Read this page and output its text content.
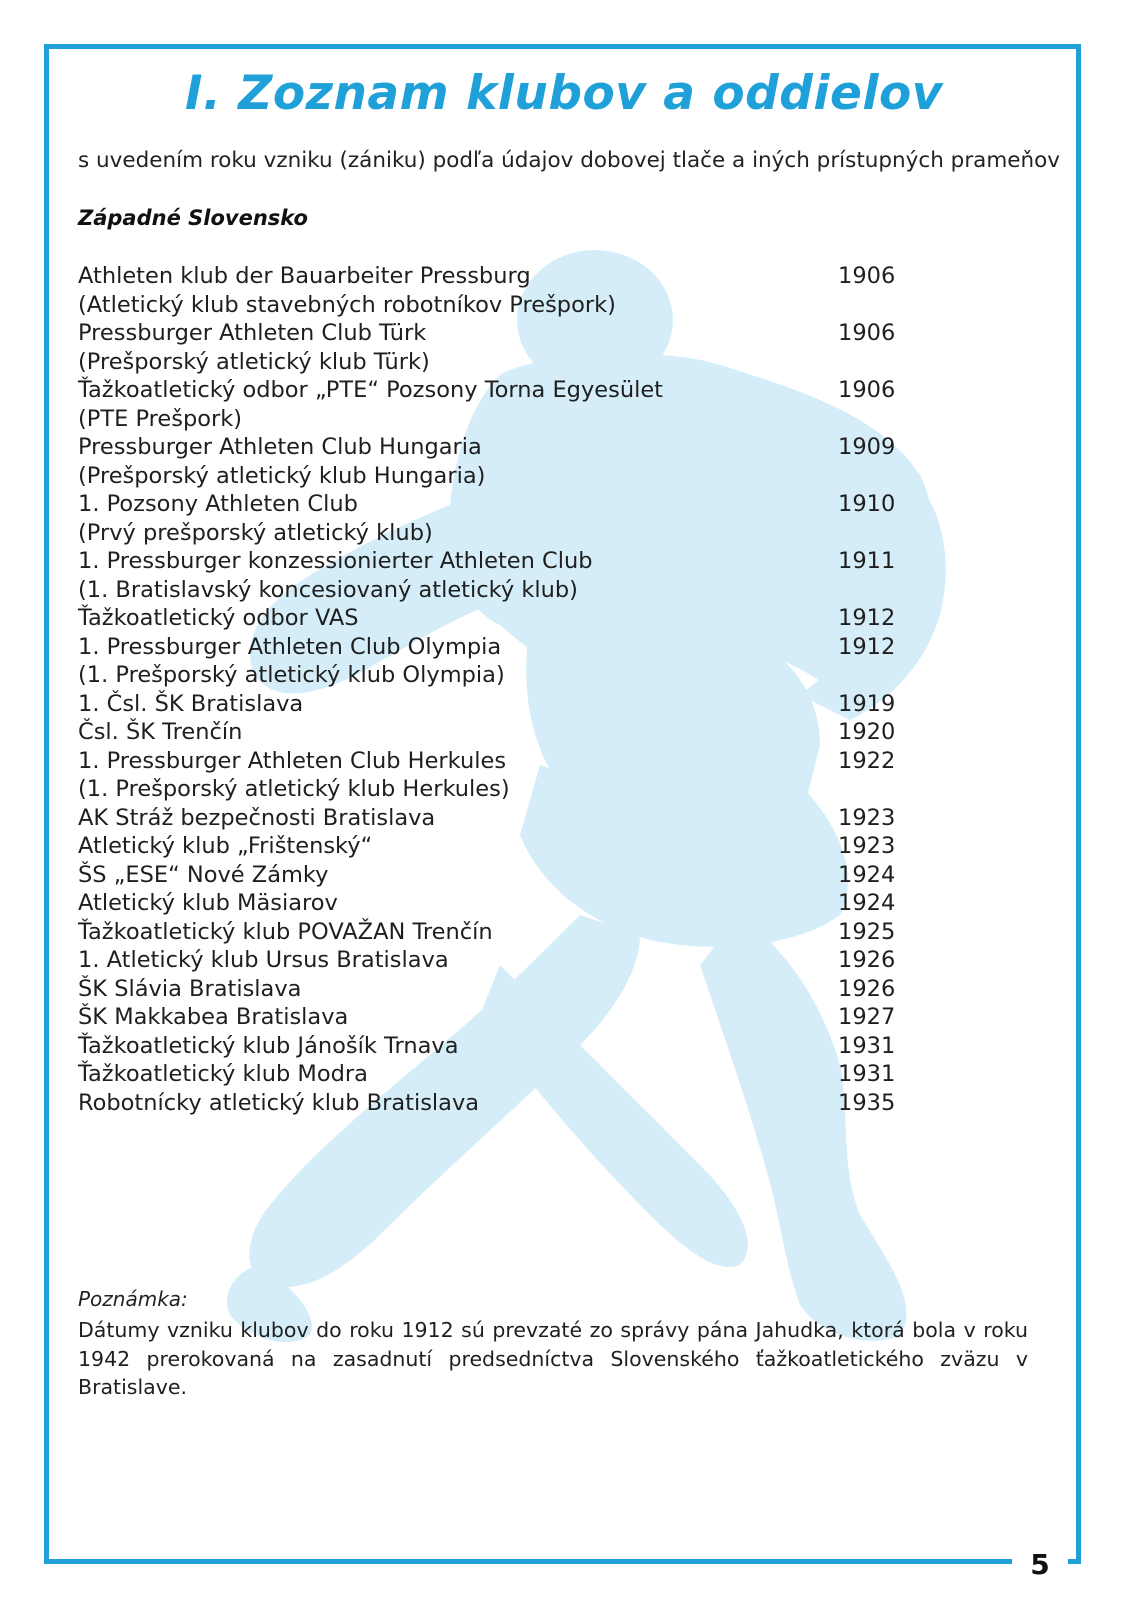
I. Zoznam klubov a oddielov
s uvedením roku vzniku (zániku) podľa údajov dobovej tlače a iných prístupných prameňov
Západné Slovensko
Athleten klub der Bauarbeiter Pressburg	1906
(Atletický klub stavebných robotníkov Prešpork)
Pressburger Athleten Club Türk	1906
(Prešporský atletický klub Türk)
Ťažkoatletický odbor „PTE“ Pozsony Torna Egyesület	1906
(PTE Prešpork)
Pressburger Athleten Club Hungaria	1909
(Prešporský atletický klub Hungaria)
1. Pozsony Athleten Club	1910
(Prvý prešporský atletický klub)
1. Pressburger konzessionierter Athleten Club	1911
(1. Bratislavský koncesiovaný atletický klub)
Ťažkoatletický odbor VAS	1912
1. Pressburger Athleten Club Olympia	1912
(1. Prešporský atletický klub Olympia)
1. Čsl. ŠK Bratislava	1919
Čsl. ŠK Trenčín	1920
1. Pressburger Athleten Club Herkules	1922
(1. Prešporský atletický klub Herkules)
AK Stráž bezpečnosti Bratislava	1923
Atletický klub „Frištenský“	1923
ŠS „ESE“ Nové Zámky	1924
Atletický klub Mäsiarov	1924
Ťažkoatletický klub POVAŽAN Trenčín	1925
1. Atletický klub Ursus Bratislava	1926
ŠK Slávia Bratislava	1926
ŠK Makkabea Bratislava	1927
Ťažkoatletický klub Jánošík Trnava	1931
Ťažkoatletický klub Modra	1931
Robotnícky atletický klub Bratislava	1935
Poznámka:
Dátumy vzniku klubov do roku 1912 sú prevzaté zo správy pána Jahudka, ktorá bola v roku 1942 prerokovaná na zasadnutí predsedníctva Slovenského ťažkoatletického zväzu v Bratislave.
5
